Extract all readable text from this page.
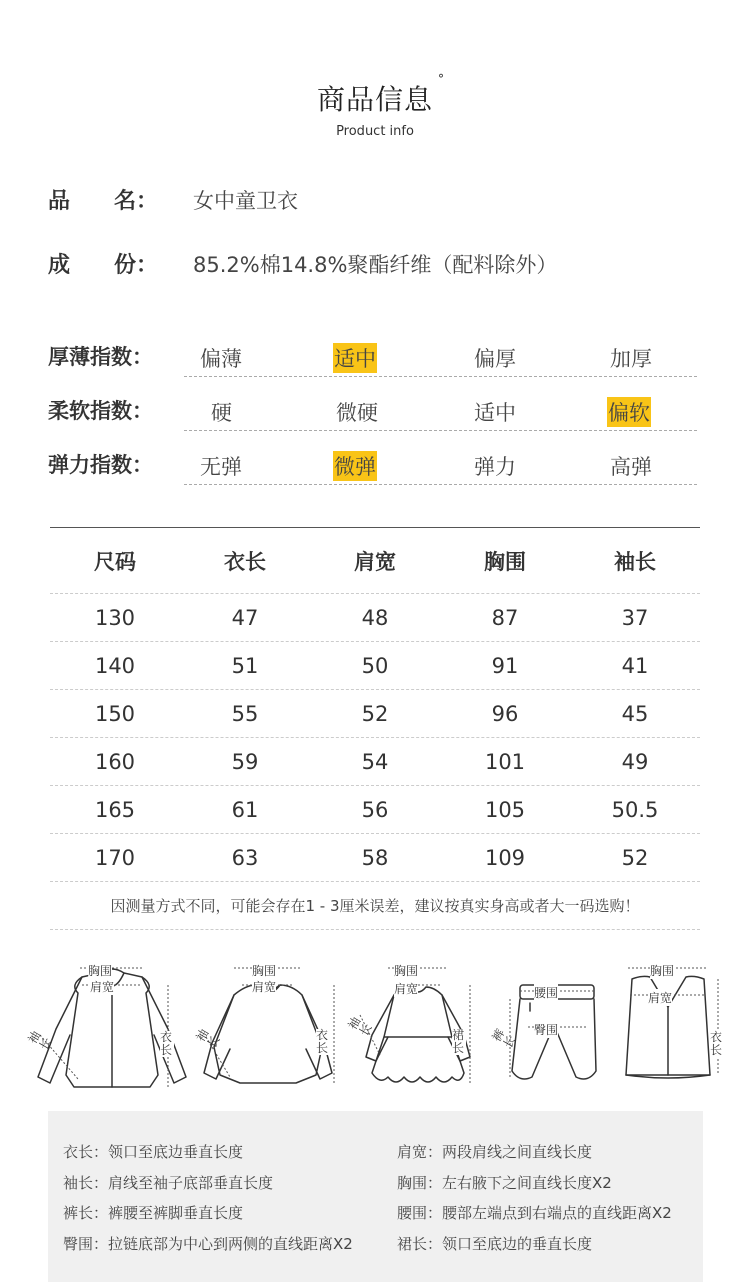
商品信息
°
Product info
品　　名：	女中童卫衣
成　　份：	85.2%棉14.8%聚酯纤维（配料除外）
厚薄指数： 偏薄	适中	偏厚	加厚
柔软指数：	硬	微硬	适中	偏软
弹力指数： 无弹	微弹	弹力	高弹
尺码	衣长	肩宽	胸围	袖长
130	47	48	87	37
140	51	50	91	41
150	55	52	96	45
160	59	54	101	49
165	61	56	105	50.5
170	63	58	109	52
因测量方式不同，可能会存在1 - 3厘米误差，建议按真实身高或者大一码选购！
胸围
肩宽
袖长	衣长
胸围
肩宽
袖长	衣长
胸围
肩宽
袖长	裙长
腰围
臀围
裤长
胸围
肩宽
衣长
衣长：领口至底边垂直长度	肩宽：两段肩线之间直线长度
袖长：肩线至袖子底部垂直长度	胸围：左右腋下之间直线长度X2
裤长：裤腰至裤脚垂直长度	腰围：腰部左端点到右端点的直线距离X2
臀围：拉链底部为中心到两侧的直线距离X2	裙长：领口至底边的垂直长度
